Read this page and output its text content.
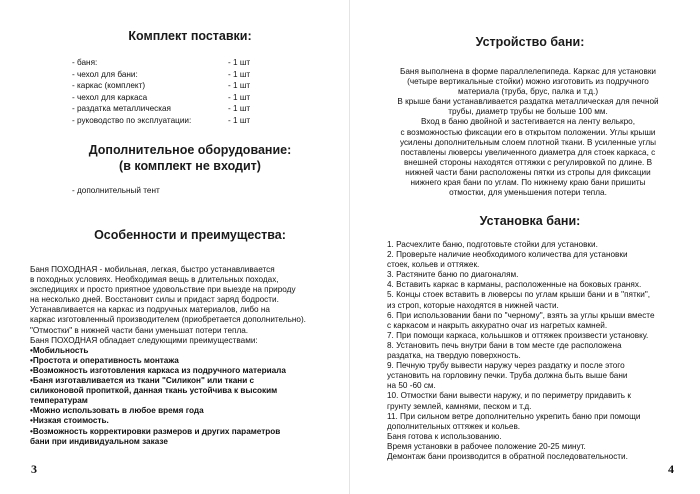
Комплект поставки:
- баня:	- 1 шт
- чехол для бани:	- 1 шт
- каркас (комплект)	- 1 шт
- чехол для каркаса	- 1 шт
- раздатка металлическая	- 1 шт
- руководство по эксплуатации:	- 1 шт
Дополнительное оборудование:
(в комплект не входит)
- дополнительный тент
Особенности и преимущества:

Баня ПОХОДНАЯ - мобильная, легкая, быстро устанавливается

в походных условиях. Необходимая вещь в длительных походах,

экспедициях и просто приятное удовольствие при выезде на природу

на несколько дней. Восстановит силы и придаст заряд бодрости.

Устанавливается на каркас из подручных материалов, либо на

каркас изготовленный производителем (приобретается дополнительно).

"Отмостки" в нижней части бани уменьшат потери тепла.

Баня ПОХОДНАЯ обладает следующими преимуществами:

•Мобильность

•Простота и оперативность монтажа

•Возможность изготовления каркаса из подручного материала

•Баня изготавливается из ткани "Силикон" или ткани с

силиконовой пропиткой, данная ткань устойчива к высоким

температурам

•Можно использовать в любое время года

•Низкая стоимость.

•Возможность корректировки размеров и других параметров

бани при индивидуальном заказе

3
Устройство бани:

Баня выполнена в форме параллелепипеда. Каркас для установки

(четыре вертикальные стойки) можно изготовить из подручного

материала (труба, брус, палка и т.д.)

В крыше бани устанавливается раздатка металлическая для печной

трубы, диаметр трубы не больше 100 мм.

Вход в баню двойной и застегивается на ленту велькро,

с возможностью фиксации его в открытом положении. Углы крыши

усилены дополнительным слоем плотной ткани. В усиленные углы

поставлены люверсы увеличенного диаметра для стоек каркаса, с

внешней стороны находятся оттяжки с регулировкой по длине. В

нижней части бани расположены пятки из стропы для фиксации

нижнего края бани по углам. По нижнему краю бани пришиты

отмостки, для уменьшения потери тепла.

Установка бани:

1. Расчехлите баню, подготовьте стойки для установки.

2. Проверьте наличие необходимого количества для установки

стоек, кольев и оттяжек.

3. Растяните баню по диагоналям.

4. Вставить каркас в карманы, расположенные на боковых гранях.

5. Концы стоек вставить в люверсы по углам крыши бани и в "пятки",

из строп, которые находятся в нижней части.

6. При использовании бани по "черному", взять за углы крыши вместе

с каркасом и накрыть аккуратно очаг из нагретых камней.

7. При помощи каркаса, кольышков и оттяжек произвести установку.

8. Установить печь внутри бани в том месте где расположена

раздатка, на твердую поверхность.

9. Печную трубу вывести наружу через раздатку и после этого

установить на горловину печки. Труба должна быть выше бани

на 50 -60 см.

10. Отмостки бани вывести наружу, и по периметру придавить к

грунту землей, камнями, песком и т.д.

11. При сильном ветре дополнительно укрепить баню при помощи

дополнительных оттяжек и кольев.

Баня готова к использованию.

Время установки в рабочее положение 20-25 минут.

Демонтаж бани производится в обратной последовательности.

4
